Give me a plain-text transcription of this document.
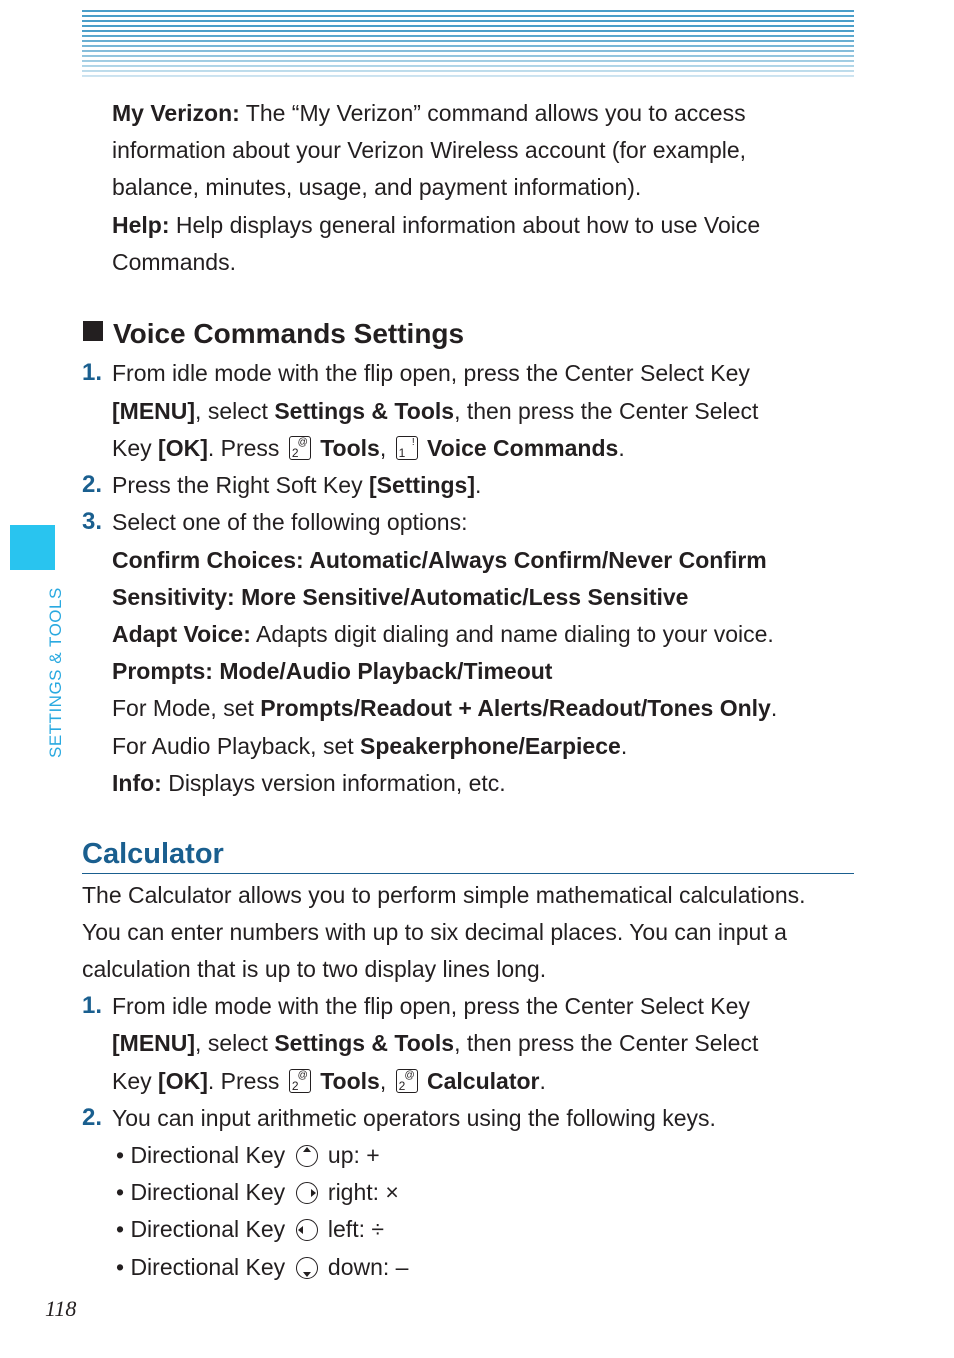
SETTINGS & TOOLS
My Verizon: The “My Verizon” command allows you to access
information about your Verizon Wireless account (for example,
balance, minutes, usage, and payment information).
Help: Help displays general information about how to use Voice
Commands.
Voice Commands Settings
1. From idle mode with the flip open, press the Center Select Key
[MENU], select Settings & Tools, then press the Center Select
Key [OK]. Press 2
@ Tools, 1
! Voice Commands.
2. Press the Right Soft Key [Settings].
3. Select one of the following options:
Confirm Choices: Automatic/Always Confirm/Never Confirm
Sensitivity: More Sensitive/Automatic/Less Sensitive
Adapt Voice: Adapts digit dialing and name dialing to your voice.
Prompts: Mode/Audio Playback/Timeout
For Mode, set Prompts/Readout + Alerts/Readout/Tones Only.
For Audio Playback, set Speakerphone/Earpiece.
Info: Displays version information, etc.
Calculator
The Calculator allows you to perform simple mathematical calculations.
You can enter numbers with up to six decimal places. You can input a
calculation that is up to two display lines long.
1. From idle mode with the flip open, press the Center Select Key
[MENU], select Settings & Tools, then press the Center Select
Key [OK]. Press 2
@ Tools, 2
@ Calculator.
2. You can input arithmetic operators using the following keys.
• Directional Key  up: +
• Directional Key  right: ×
• Directional Key  left: ÷
• Directional Key  down: –
118
